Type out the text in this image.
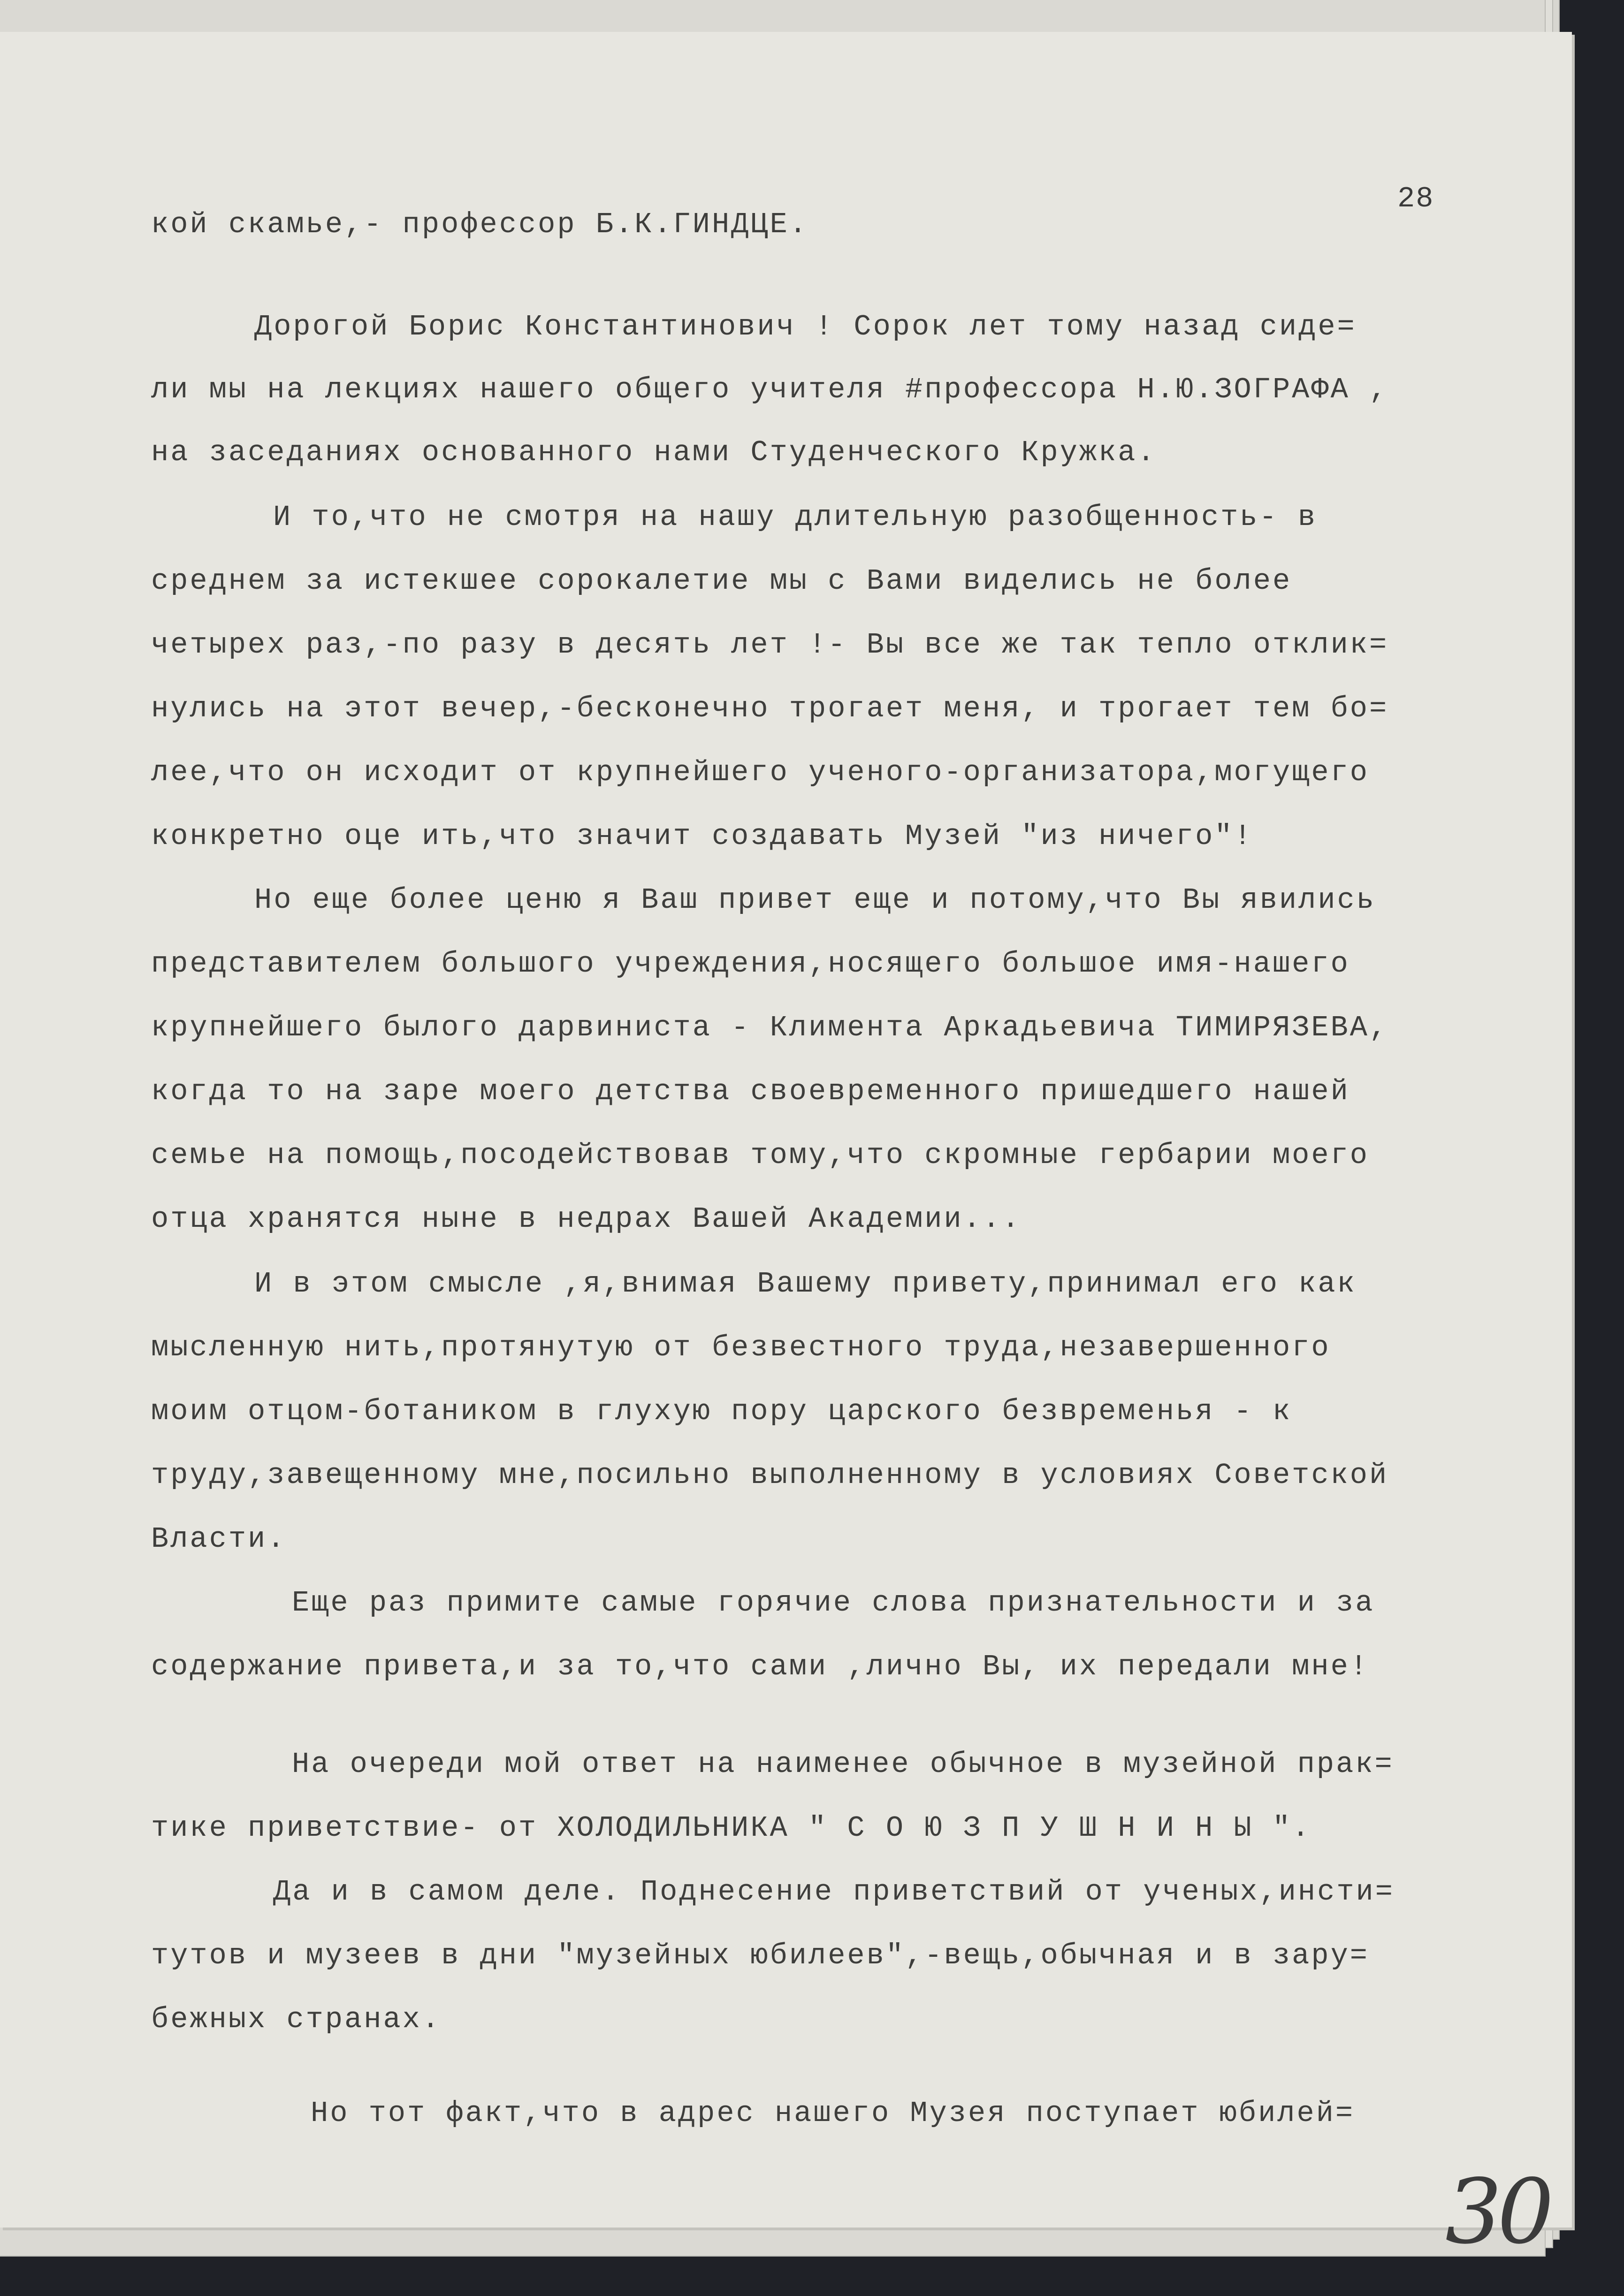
28
кой скамье,- профессор Б.К.ГИНДЦЕ.
Дорогой Борис Константинович ! Сорок лет тому назад сиде=
ли мы на лекциях нашего общего учителя #профессора Н.Ю.ЗОГРАФА ,
на заседаниях основанного нами Студенческого Кружка.
И то,что не смотря на нашу длительную разобщенность- в
среднем за истекшее сорокалетие мы с Вами виделись не более
четырех раз,-по разу в десять лет !- Вы все же так тепло отклик=
нулись на этот вечер,-бесконечно трогает меня, и трогает тем бо=
лее,что он исходит от крупнейшего ученого-организатора,могущего
конкретно оце ить,что значит создавать Музей "из ничего"!
Но еще более ценю я Ваш привет еще и потому,что Вы явились
представителем большого учреждения,носящего большое имя-нашего
крупнейшего былого дарвиниста - Климента Аркадьевича ТИМИРЯЗЕВА,
когда то на заре моего детства своевременного пришедшего нашей
семье на помощь,посодействовав тому,что скромные гербарии моего
отца хранятся ныне в недрах Вашей Академии...
И в этом смысле ,я,внимая Вашему привету,принимал его как
мысленную нить,протянутую от безвестного труда,незавершенного
моим отцом-ботаником в глухую пору царского безвременья - к
труду,завещенному мне,посильно выполненному в условиях Советской
Власти.
Еще раз примите самые горячие слова признательности и за
содержание привета,и за то,что сами ,лично Вы, их передали мне!
На очереди мой ответ на наименее обычное в музейной прак=
тике приветствие- от ХОЛОДИЛЬНИКА " С О Ю З П У Ш Н И Н Ы ".
Да и в самом деле. Поднесение приветствий от ученых,инсти=
тутов и музеев в дни "музейных юбилеев",-вещь,обычная и в зару=
бежных странах.
Но тот факт,что в адрес нашего Музея поступает юбилей=
30
